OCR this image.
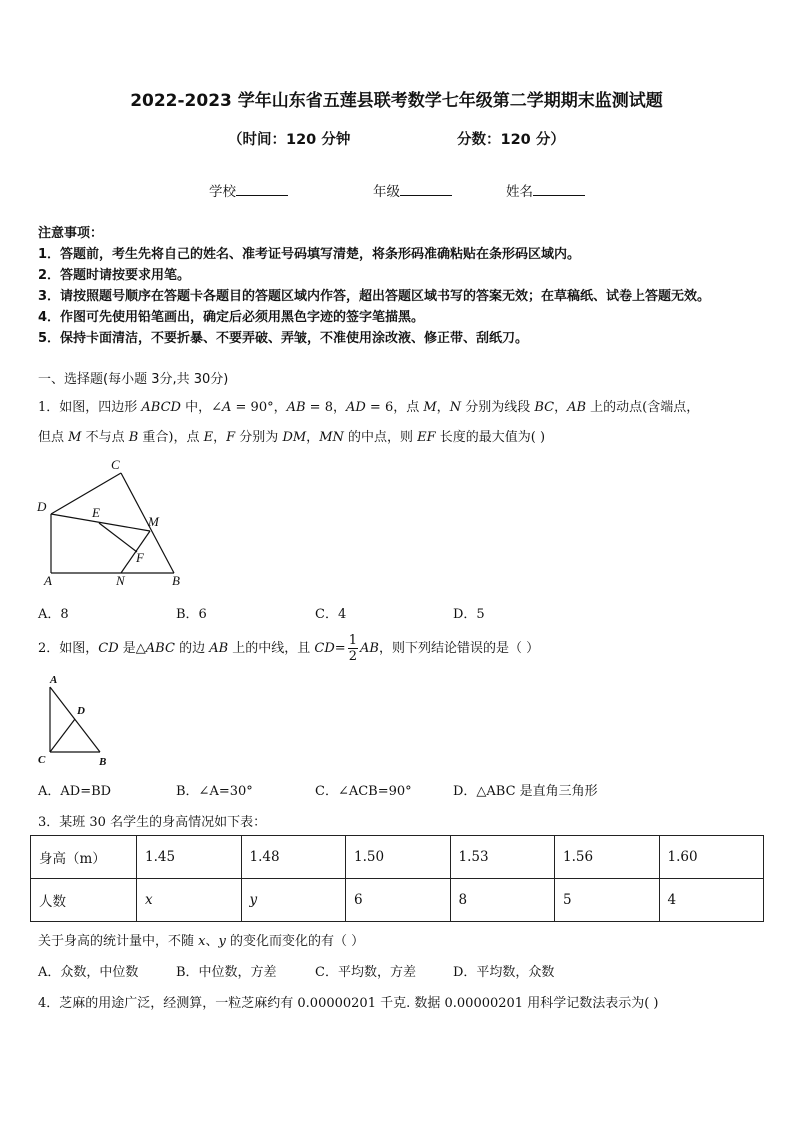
2022-2023 学年山东省五莲县联考数学七年级第二学期期末监测试题
（时间：120 分钟	分数：120 分）
学校	年级	姓名
注意事项：
1．答题前，考生先将自己的姓名、准考证号码填写清楚，将条形码准确粘贴在条形码区域内。
2．答题时请按要求用笔。
3．请按照题号顺序在答题卡各题目的答题区域内作答，超出答题区域书写的答案无效；在草稿纸、试卷上答题无效。
4．作图可先使用铅笔画出，确定后必须用黑色字迹的签字笔描黑。
5．保持卡面清洁，不要折暴、不要弄破、弄皱，不准使用涂改液、修正带、刮纸刀。
一、选择题(每小题 3分,共 30分)
1．如图，四边形 ABCD 中，∠A = 90°，AB = 8，AD = 6，点 M，N 分别为线段 BC，AB 上的动点(含端点，
但点 M 不与点 B 重合)，点 E，F 分别为 DM，MN 的中点，则 EF 长度的最大值为( )
A	B
C
D	E
F
M
N
A．8	B．6	C．4	D．5
2．如图，CD 是△ABC 的边 AB 上的中线，且 $CD= \frac{1}{2}$ AB，则下列结论错误的是（ ）
A
B
C
D
A．AD=BD	B．∠A=30°	C．∠ACB=90°	D．△ABC 是直角三角形
3．某班 30 名学生的身高情况如下表：
身高（m）	1.45	1.48	1.50	1.53	1.56	1.60
人数	x	y	6	8	5	4
关于身高的统计量中，不随 x、y 的变化而变化的有（ ）
A．众数，中位数	B．中位数，方差	C．平均数，方差	D．平均数，众数
4．芝麻的用途广泛，经测算，一粒芝麻约有 0.00000201 千克. 数据 0.00000201 用科学记数法表示为( )
